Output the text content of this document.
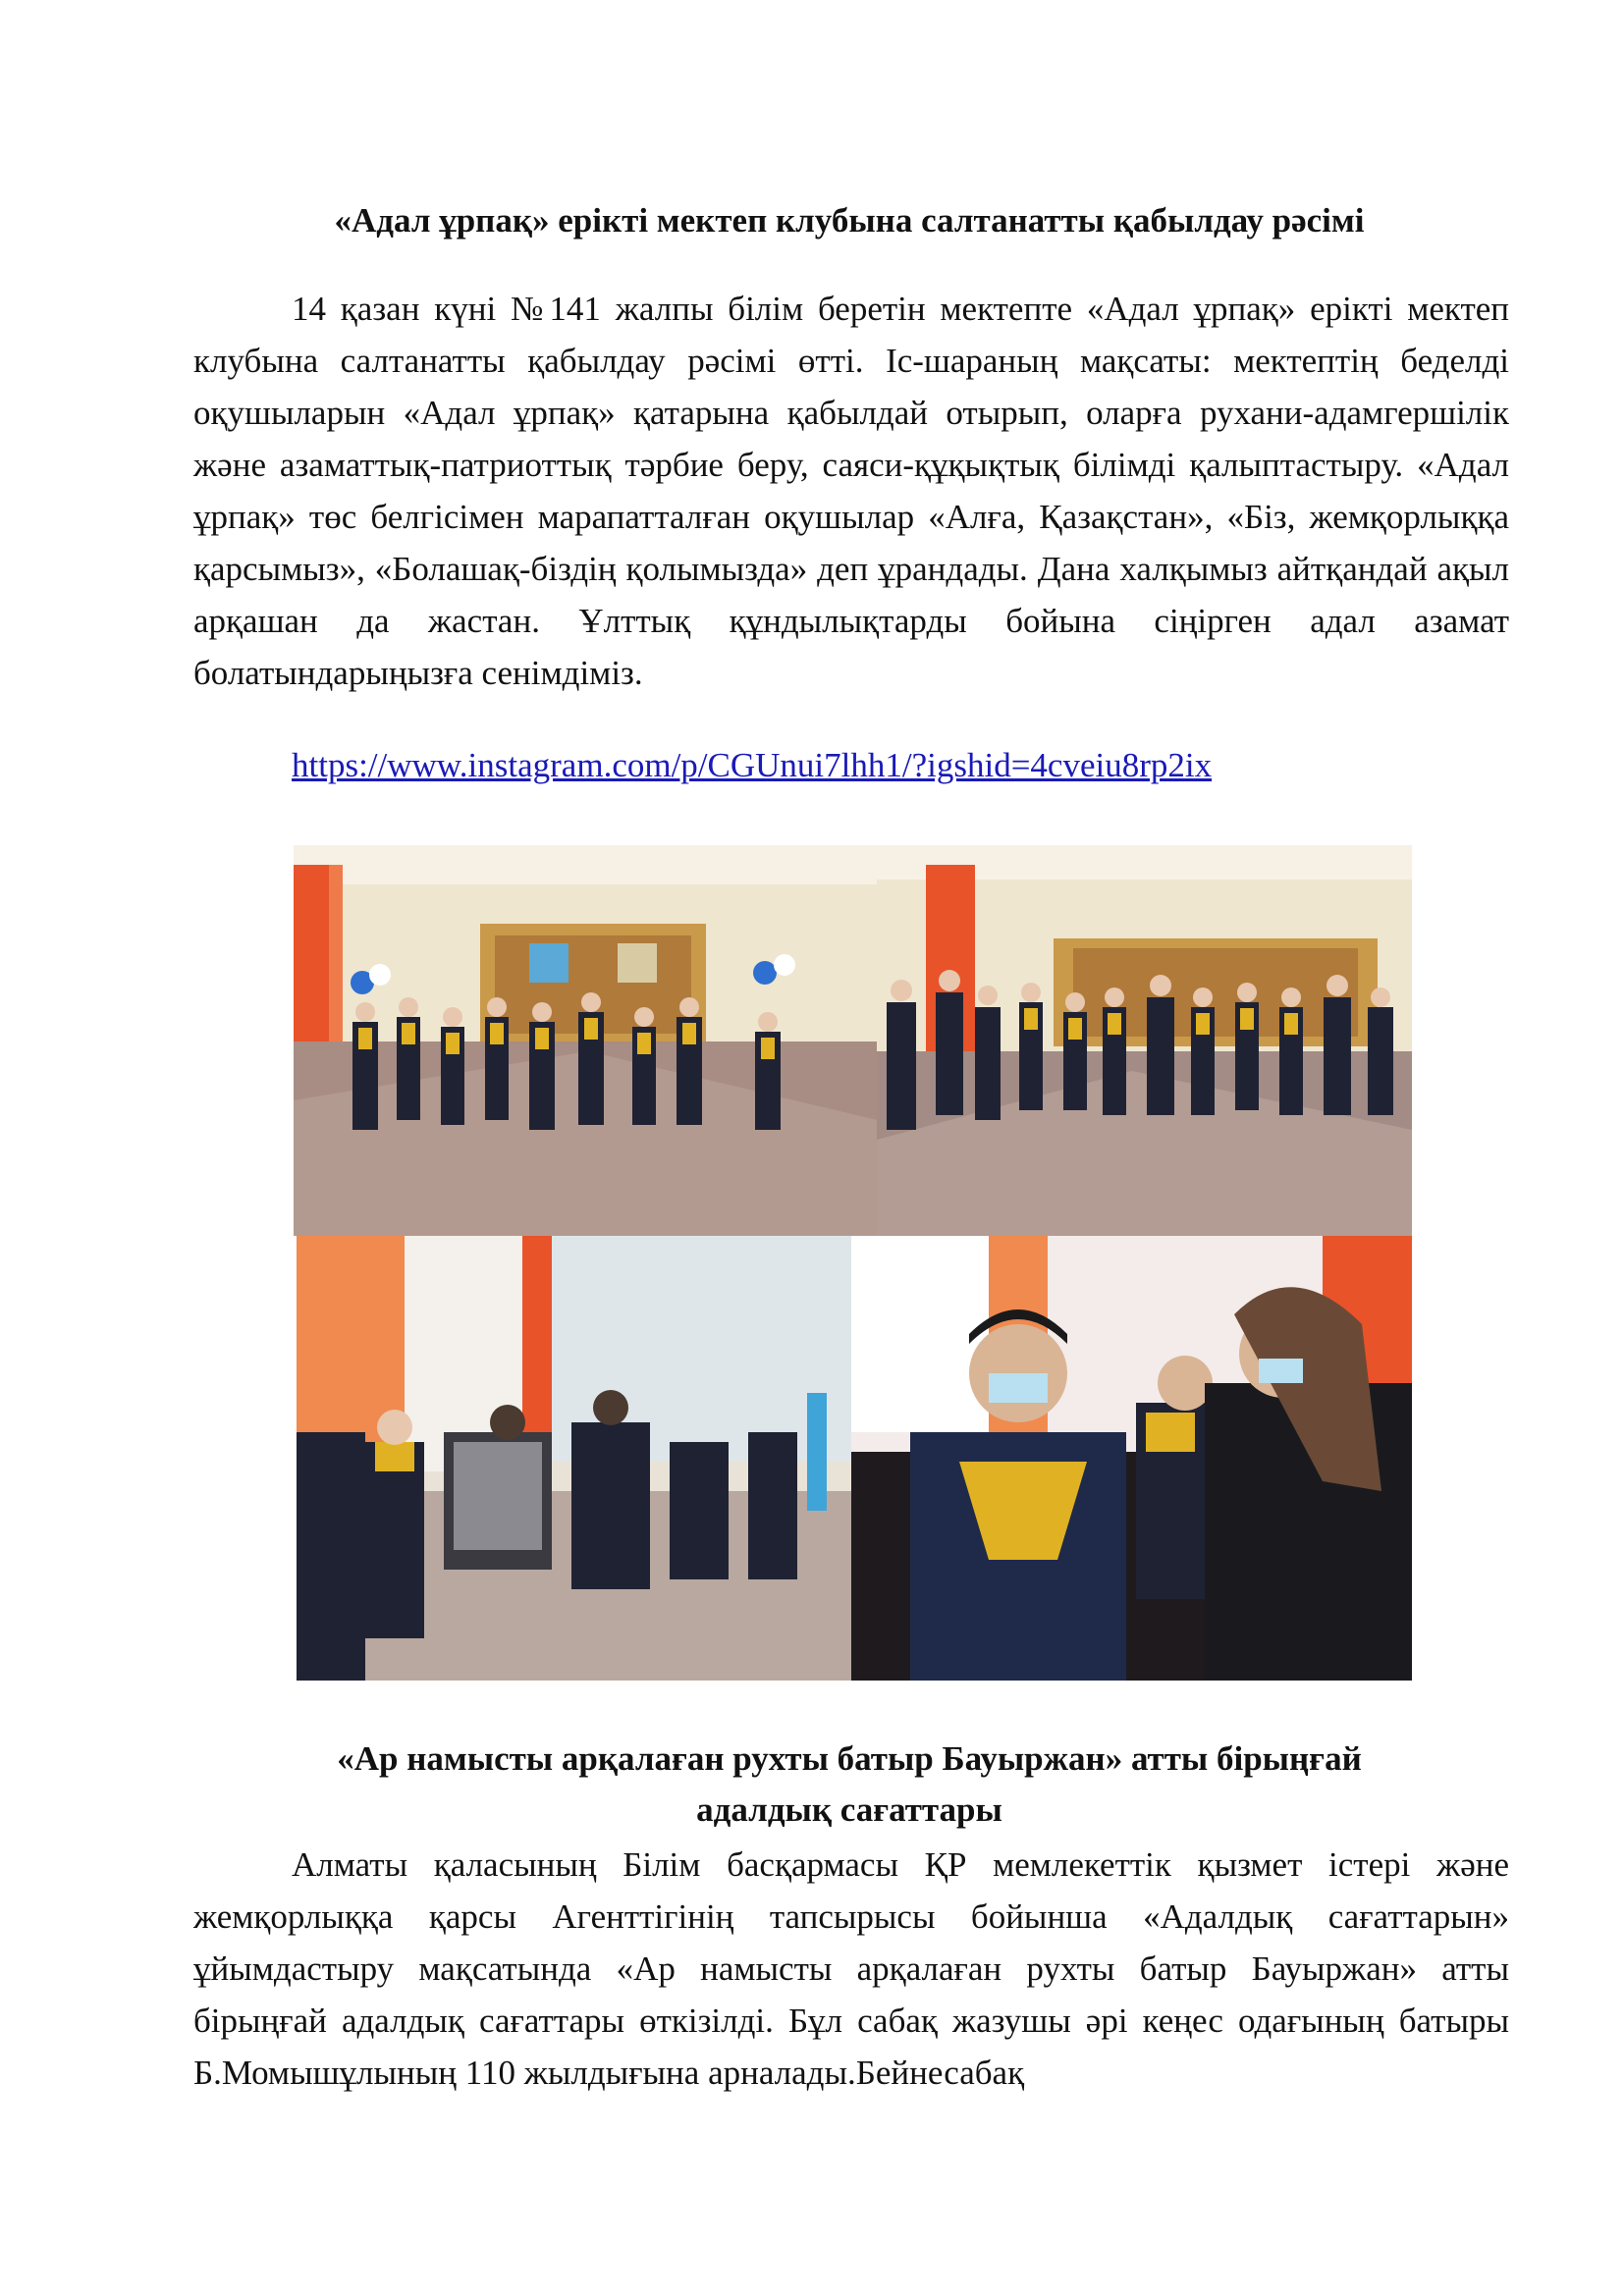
«Адал ұрпақ» ерікті мектеп клубына салтанатты қабылдау рәсімі

14 қазан күні №141 жалпы білім беретін мектепте «Адал ұрпақ» ерікті мектеп клубына салтанатты қабылдау рәсімі өтті. Іс-шараның мақсаты: мектептің беделді оқушыларын «Адал ұрпақ» қатарына қабылдай отырып, оларға рухани-адамгершілік және азаматтық-патриоттық тәрбие беру, саяси-құқықтық білімді қалыптастыру. «Адал ұрпақ» төс белгісімен марапатталған оқушылар «Алға, Қазақстан», «Біз, жемқорлыққа қарсымыз», «Болашақ-біздің қолымызда» деп ұрандады. Дана халқымыз айтқандай ақыл арқашан да жастан. Ұлттық құндылықтарды бойына сіңірген адал азамат болатындарыңызға сенімдіміз.

https://www.instagram.com/p/CGUnui7lhh1/?igshid=4cveiu8rp2ix
«Ар намысты арқалаған рухты батыр Бауыржан» атты бірыңғай
адалдық сағаттары

Алматы қаласының Білім басқармасы ҚР мемлекеттік қызмет істері және жемқорлыққа қарсы Агенттігінің тапсырысы бойынша «Адалдық сағаттарын» ұйымдастыру мақсатында «Ар намысты арқалаған рухты батыр Бауыржан» атты бірыңғай адалдық сағаттары өткізілді. Бұл сабақ жазушы әрі кеңес одағының батыры Б.Момышұлының 110 жылдығына арналады.Бейнесабақ
